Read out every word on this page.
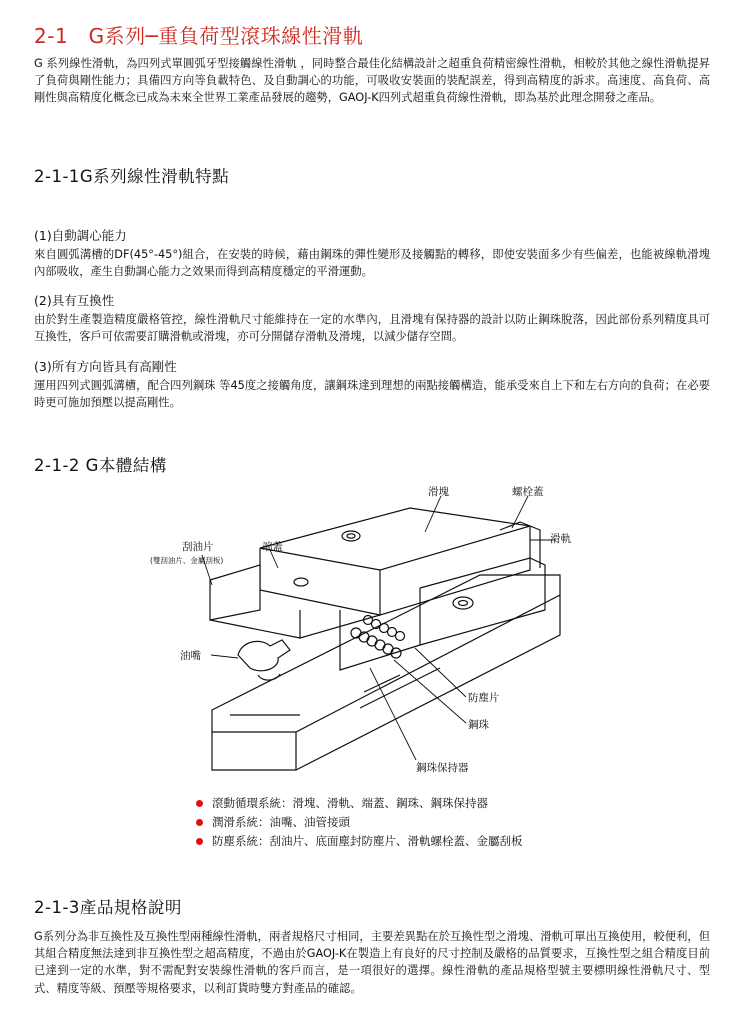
2-1　G系列─重負荷型滾珠線性滑軌
G 系列線性滑軌，為四列式單圓弧牙型接觸線性滑軌 ，同時整合最佳化結構設計之超重負荷精密線性滑軌，相較於其他之線性滑軌提昇了負荷與剛性能力；具備四方向等負載特色、及自動調心的功能，可吸收安裝面的裝配誤差，得到高精度的訴求。高速度、高負荷、高剛性與高精度化概念已成為未來全世界工業產品發展的趨勢，GAOJ-K四列式超重負荷線性滑軌，即為基於此理念開發之產品。
2-1-1G系列線性滑軌特點
(1)自動調心能力
來自圓弧溝槽的DF(45°-45°)組合，在安裝的時候，藉由鋼珠的彈性變形及接觸點的轉移，即使安裝面多少有些偏差，也能被線軌滑塊內部吸收，產生自動調心能力之效果而得到高精度穩定的平滑運動。
(2)具有互換性
由於對生產製造精度嚴格管控，線性滑軌尺寸能維持在一定的水準內，且滑塊有保持器的設計以防止鋼珠脫落，因此部份系列精度具可互換性，客戶可依需要訂購滑軌或滑塊，亦可分開儲存滑軌及滑塊，以減少儲存空間。
(3)所有方向皆具有高剛性
運用四列式圓弧溝槽，配合四列鋼珠 等45度之接觸角度，讓鋼珠達到理想的兩點接觸構造，能承受來自上下和左右方向的負荷；在必要時更可施加預壓以提高剛性。
2-1-2 G本體結構
滑塊	螺栓蓋
滑軌
刮油片
(雙刮油片、金屬刮板)
端蓋
油嘴
防塵片
鋼珠
鋼珠保持器
滾動循環系統：滑塊、滑軌、端蓋、鋼珠、鋼珠保持器
潤滑系統：油嘴、油管接頭
防塵系統：刮油片、底面塵封防塵片、滑軌螺栓蓋、金屬刮板
2-1-3產品規格說明
G系列分為非互換性及互換性型兩種線性滑軌，兩者規格尺寸相同，主要差異點在於互換性型之滑塊、滑軌可單出互換使用，較便利，但其組合精度無法達到非互換性型之超高精度，不過由於GAOJ-K在製造上有良好的尺寸控制及嚴格的品質要求，互換性型之組合精度目前已達到一定的水準，對不需配對安裝線性滑軌的客戶而言，是一項很好的選擇。線性滑軌的產品規格型號主要標明線性滑軌尺寸、型式、精度等級、預壓等規格要求，以利訂貨時雙方對產品的確認。
